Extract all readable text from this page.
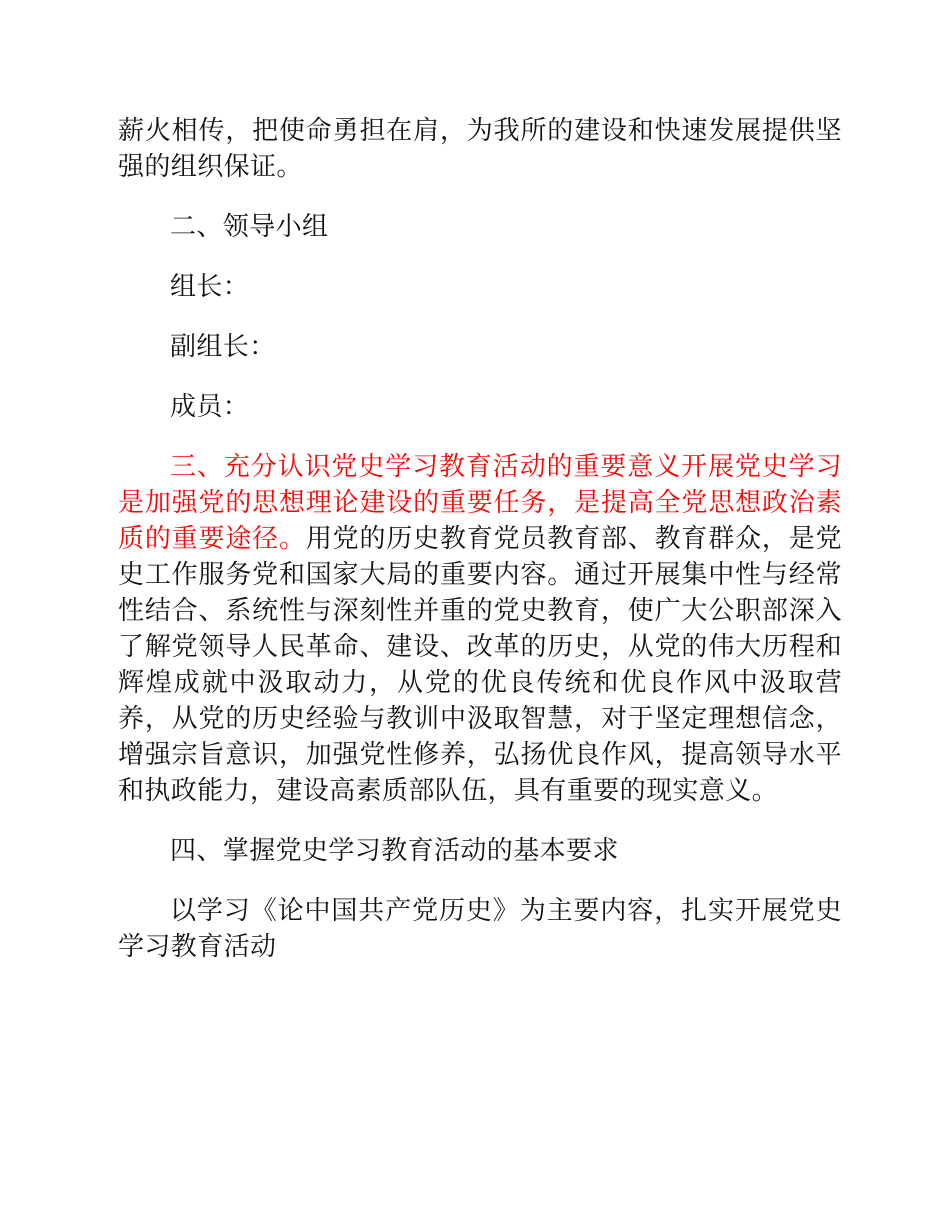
薪火相传，把使命勇担在肩，为我所的建设和快速发展提供坚强的组织保证。

二、领导小组

组长：

副组长：

成员：

三、充分认识党史学习教育活动的重要意义开展党史学习是加强党的思想理论建设的重要任务，是提高全党思想政治素质的重要途径。用党的历史教育党员教育部、教育群众，是党史工作服务党和国家大局的重要内容。通过开展集中性与经常性结合、系统性与深刻性并重的党史教育，使广大公职部深入了解党领导人民革命、建设、改革的历史，从党的伟大历程和辉煌成就中汲取动力，从党的优良传统和优良作风中汲取营养，从党的历史经验与教训中汲取智慧，对于坚定理想信念，增强宗旨意识，加强党性修养，弘扬优良作风，提高领导水平和执政能力，建设高素质部队伍，具有重要的现实意义。

四、掌握党史学习教育活动的基本要求

以学习《论中国共产党历史》为主要内容，扎实开展党史学习教育活动
